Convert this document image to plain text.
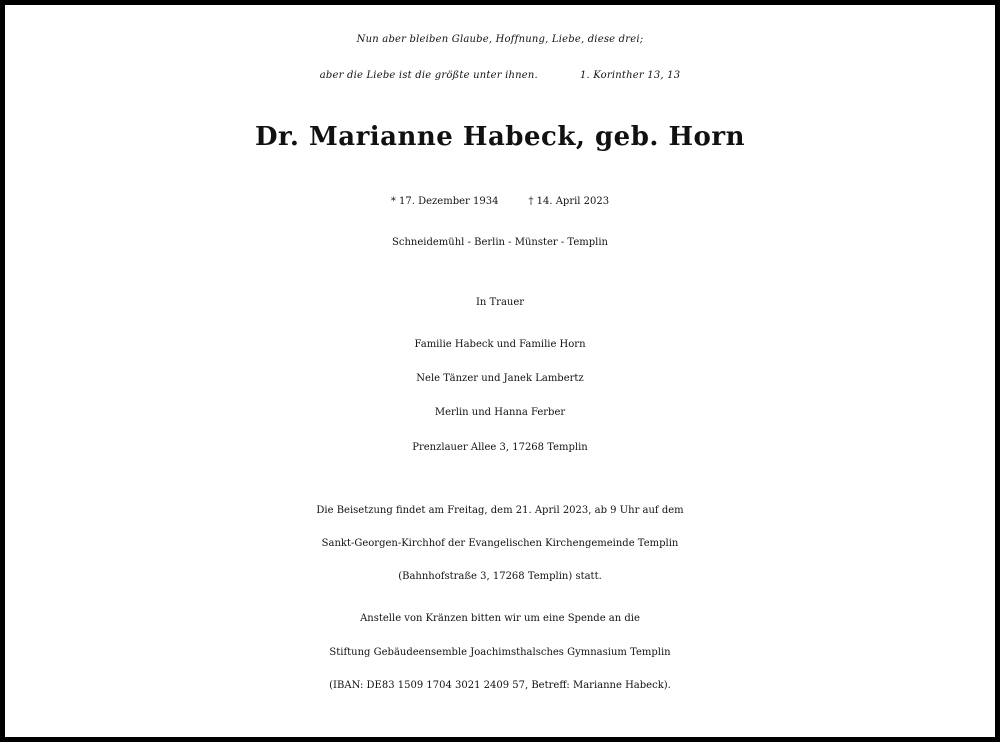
Nun aber bleiben Glaube, Hoffnung, Liebe, diese drei;
aber die Liebe ist die größte unter ihnen.	1. Korinther 13, 13
Dr. Marianne Habeck, geb. Horn
* 17. Dezember 1934	† 14. April 2023
Schneidemühl - Berlin - Münster - Templin
In Trauer
Familie Habeck und Familie Horn
Nele Tänzer und Janek Lambertz
Merlin und Hanna Ferber
Prenzlauer Allee 3, 17268 Templin
Die Beisetzung findet am Freitag, dem 21. April 2023, ab 9 Uhr auf dem
Sankt-Georgen-Kirchhof der Evangelischen Kirchengemeinde Templin
(Bahnhofstraße 3, 17268 Templin) statt.
Anstelle von Kränzen bitten wir um eine Spende an die
Stiftung Gebäudeensemble Joachimsthalsches Gymnasium Templin
(IBAN: DE83 1509 1704 3021 2409 57, Betreff: Marianne Habeck).
